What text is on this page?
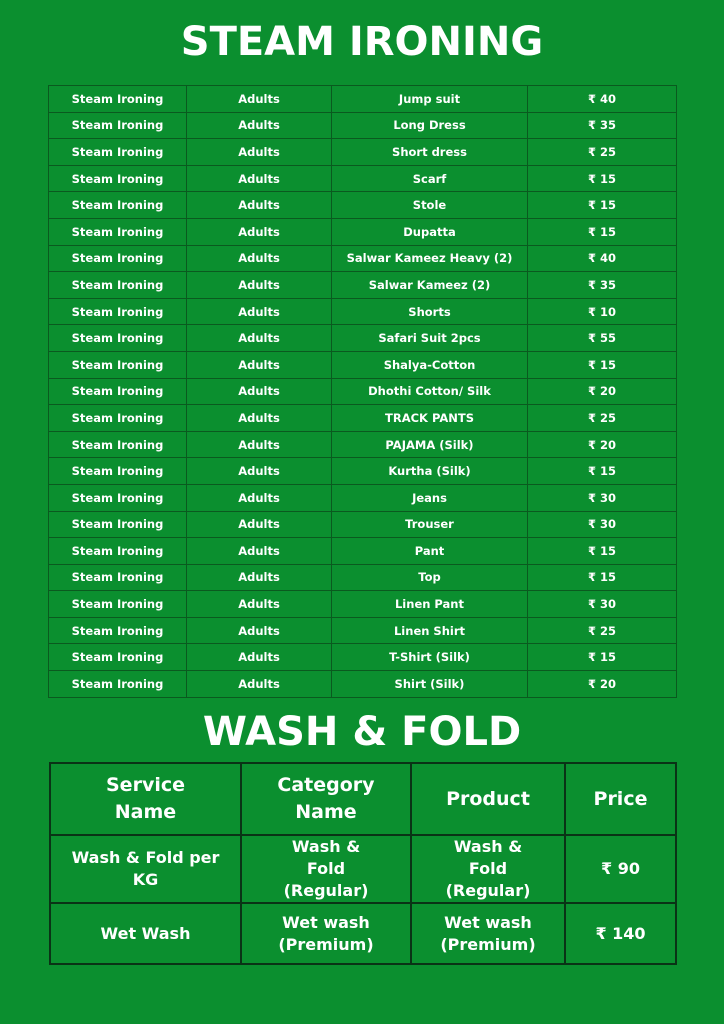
STEAM IRONING
Steam Ironing	Adults	Jump suit	₹ 40
Steam Ironing	Adults	Long Dress	₹ 35
Steam Ironing	Adults	Short dress	₹ 25
Steam Ironing	Adults	Scarf	₹ 15
Steam Ironing	Adults	Stole	₹ 15
Steam Ironing	Adults	Dupatta	₹ 15
Steam Ironing	Adults	Salwar Kameez Heavy (2)	₹ 40
Steam Ironing	Adults	Salwar Kameez (2)	₹ 35
Steam Ironing	Adults	Shorts	₹ 10
Steam Ironing	Adults	Safari Suit 2pcs	₹ 55
Steam Ironing	Adults	Shalya-Cotton	₹ 15
Steam Ironing	Adults	Dhothi Cotton/ Silk	₹ 20
Steam Ironing	Adults	TRACK PANTS	₹ 25
Steam Ironing	Adults	PAJAMA (Silk)	₹ 20
Steam Ironing	Adults	Kurtha (Silk)	₹ 15
Steam Ironing	Adults	Jeans	₹ 30
Steam Ironing	Adults	Trouser	₹ 30
Steam Ironing	Adults	Pant	₹ 15
Steam Ironing	Adults	Top	₹ 15
Steam Ironing	Adults	Linen Pant	₹ 30
Steam Ironing	Adults	Linen Shirt	₹ 25
Steam Ironing	Adults	T-Shirt (Silk)	₹ 15
Steam Ironing	Adults	Shirt (Silk)	₹ 20
WASH & FOLD
Service Name	Category Name	Product	Price
Wash & Fold per KG	Wash & Fold (Regular)	Wash & Fold (Regular)	₹ 90
Wet Wash	Wet wash (Premium)	Wet wash (Premium)	₹ 140
